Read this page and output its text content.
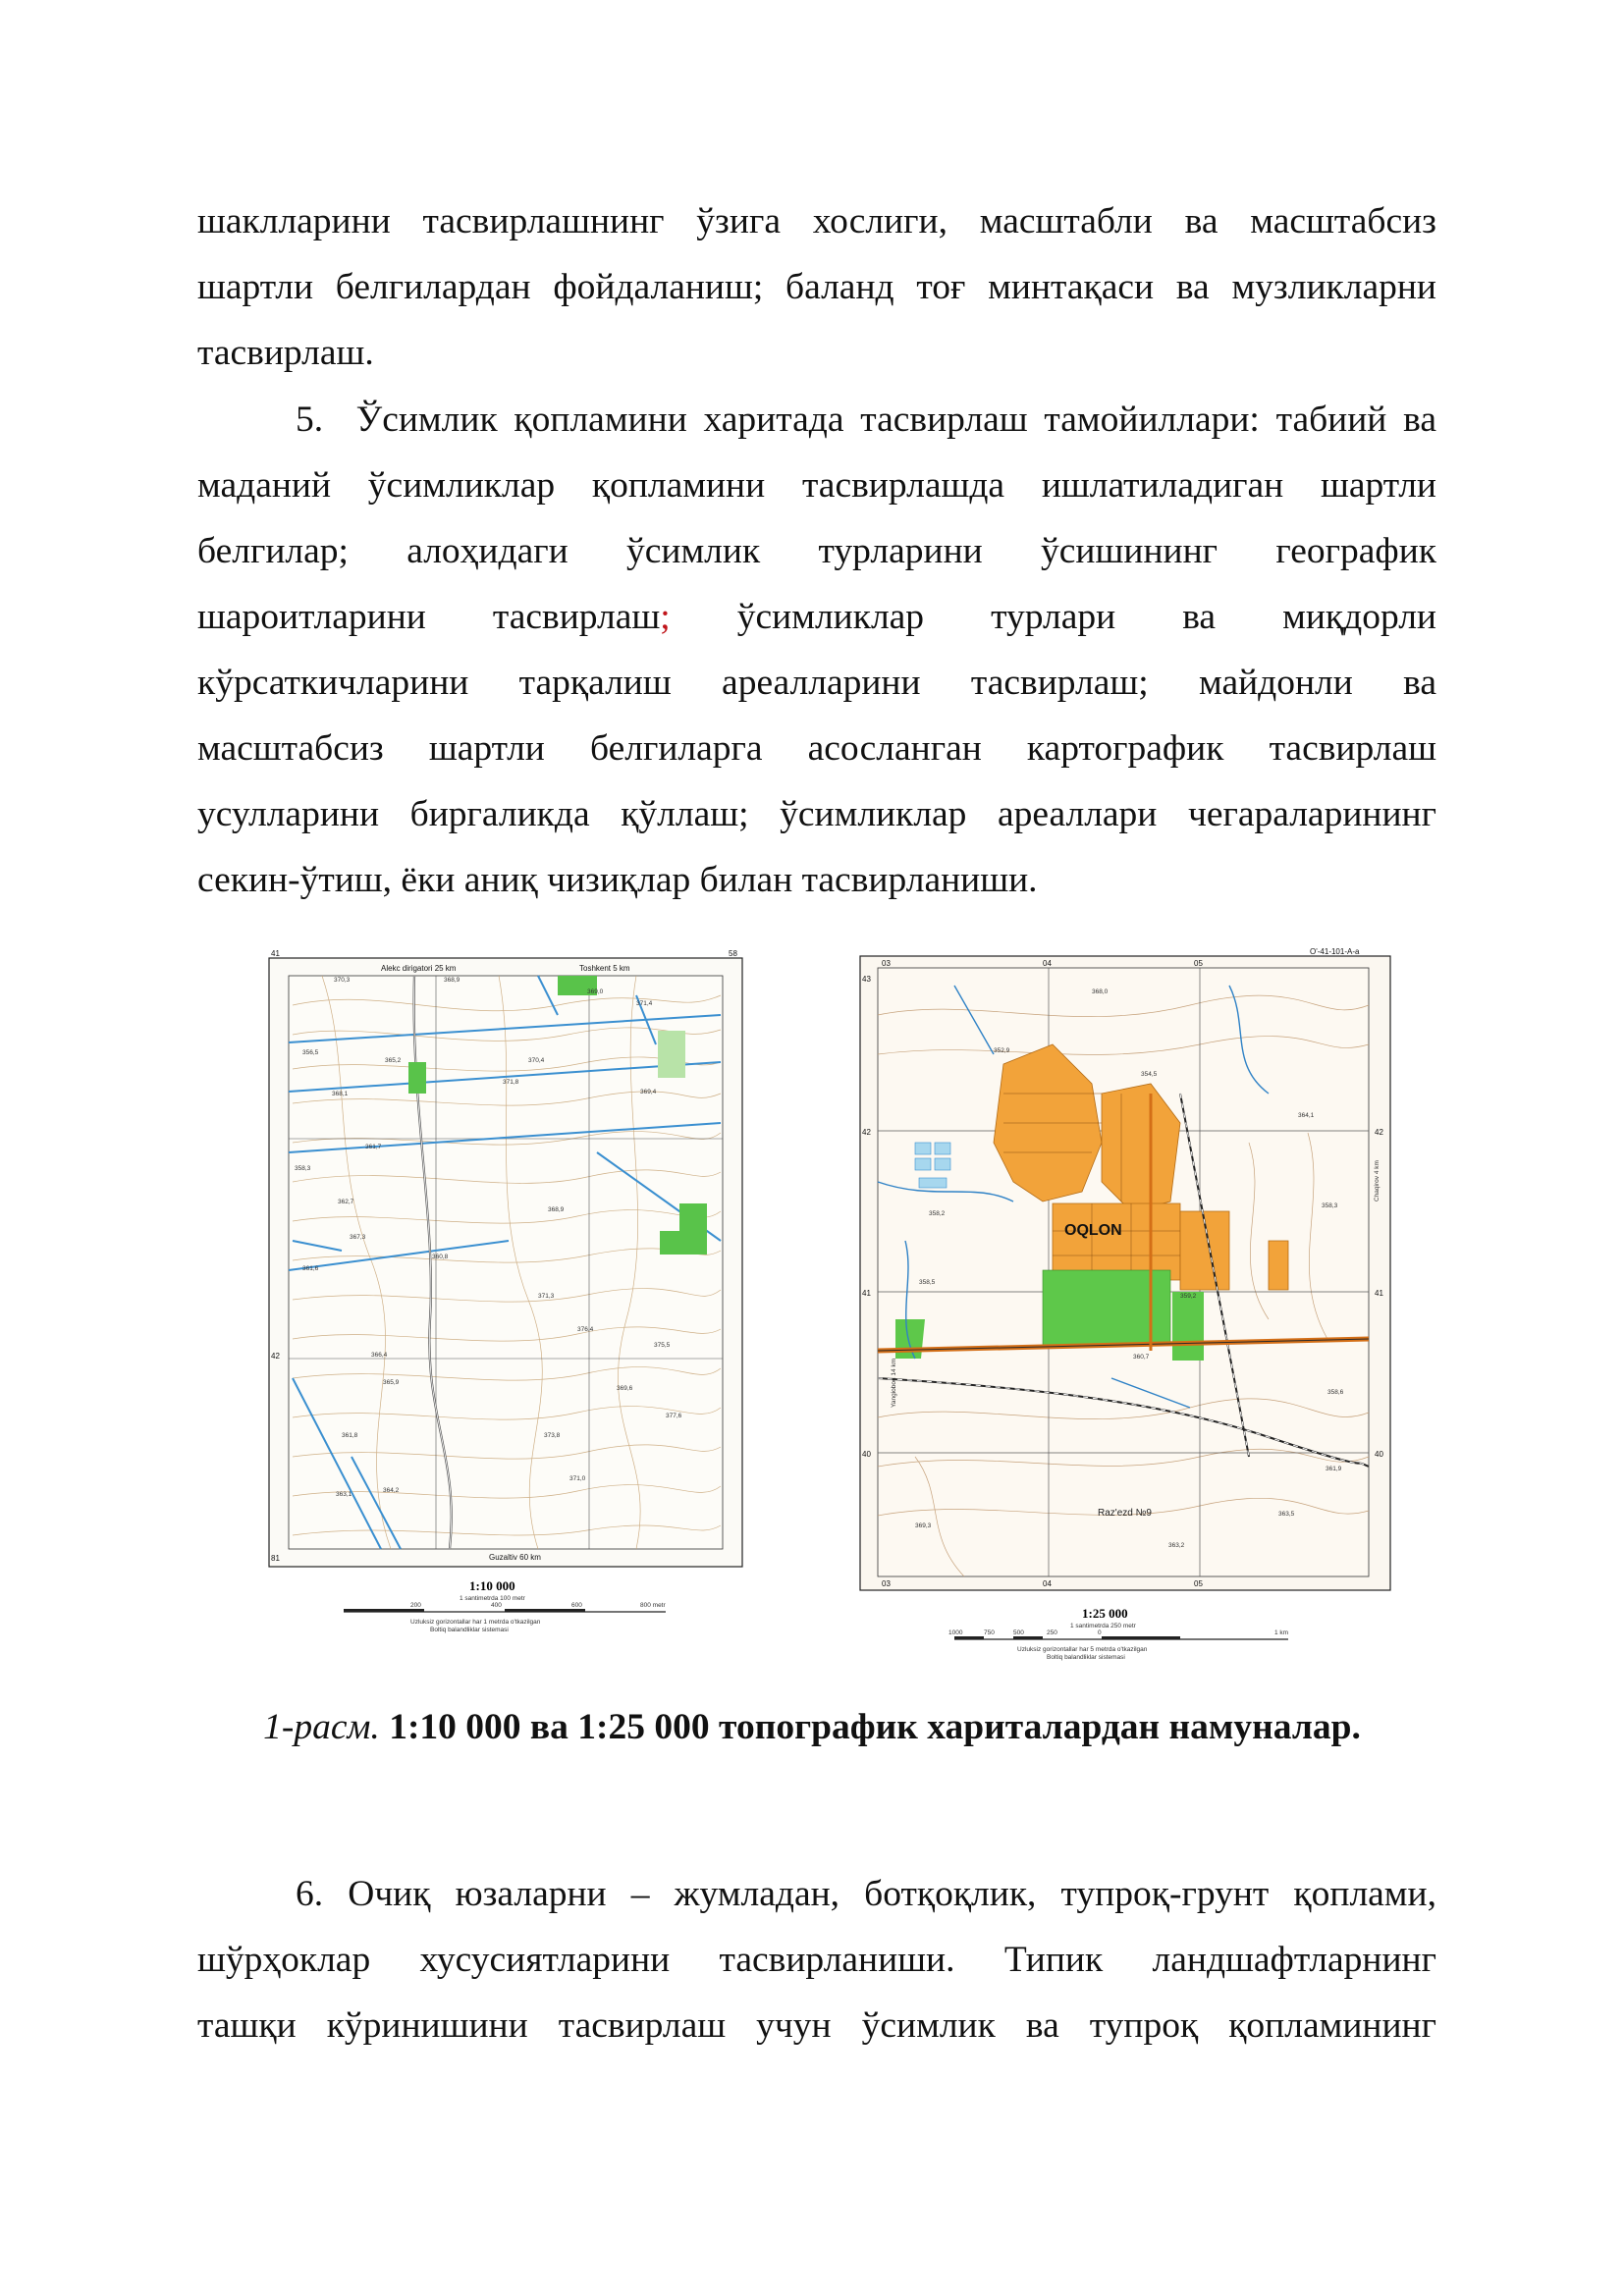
шаклларини тасвирлашнинг ўзига хослиги, масштабли ва масштабсиз
шартли белгилардан фойдаланиш; баланд тоғ минтақаси ва музликларни
тасвирлаш.
5.  Ўсимлик қопламини харитада тасвирлаш тамойиллари: табиий ва
маданий ўсимликлар қопламини тасвирлашда ишлатиладиган шартли
белгилар; алоҳидаги ўсимлик турларини ўсишининг географик
шароитларини тасвирлаш; ўсимликлар турлари ва миқдорли
кўрсаткичларини тарқалиш ареалларини тасвирлаш; майдонли ва
масштабсиз шартли белгиларга асосланган картографик тасвирлаш
усулларини биргаликда қўллаш; ўсимликлар ареаллари чегараларининг
секин-ўтиш, ёки аниқ чизиқлар билан тасвирланиши.
370,3	368,9
369,0
371,4
356,5
365,2	370,4
371,8
369,4
368,1
361,7
358,3
367,3
360,8
361,6
362,7
368,9
371,3
366,4
365,9
369,6
373,8
377,6
371,0
376,4
375,5
361,8
364,2
363,1
41
42
58
81
Alekc dirigatori 25 km	Toshkent 5 km
Guzaltiv 60 km
1:10 000
1 santimetrda 100 metr
200	400	600	800 metr
Uzluksiz gorizontallar har 1 metrda o'tkazilgan
Boltiq balandliklar sistemasi
OQLON
Raz'ezd №9
368,0
352,9
354,5
364,1
358,3
358,5
359,2
360,7
358,6
363,5
361,9
369,3
363,2
358,2
03	04	05
03	04	05
43
42
41
40
42
41
40
O'-41-101-A-a
Yangiobod 14 km
Chaqirov 4 km
1:25 000
1 santimetrda 250 metr
1000	750	500	250	0	1 km
Uzluksiz gorizontallar har 5 metrda o'tkazilgan
Boltiq balandliklar sistemasi
1-расм. 1:10 000 ва 1:25 000 топографик хариталардан намуналар.
6. Очиқ юзаларни – жумладан, ботқоқлик, тупроқ-грунт қоплами,
шўрҳоклар хусусиятларини тасвирланиши. Типик ландшафтларнинг
ташқи кўринишини тасвирлаш учун ўсимлик ва тупроқ қопламининг
